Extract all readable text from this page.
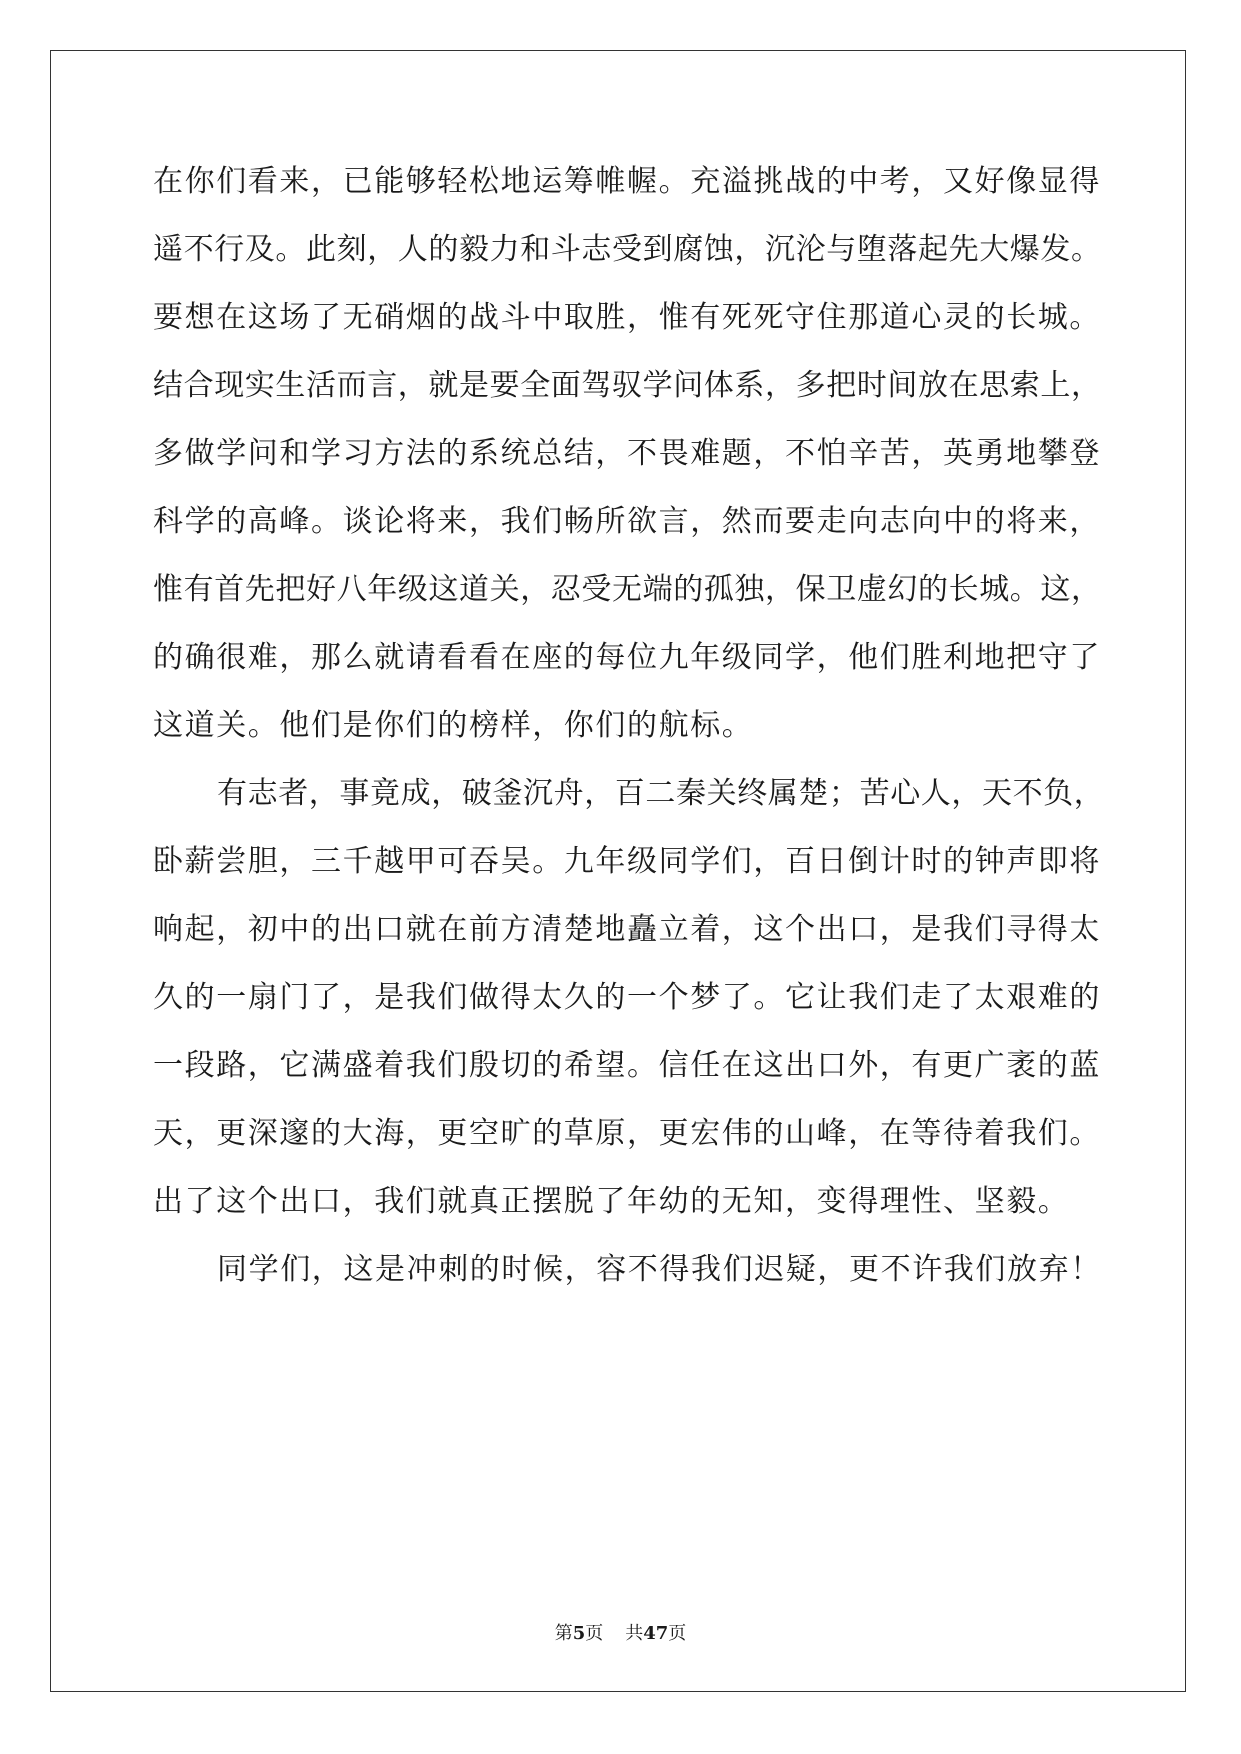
在你们看来，已能够轻松地运筹帷幄。充溢挑战的中考，又好像显得
遥不行及。此刻，人的毅力和斗志受到腐蚀，沉沦与堕落起先大爆发。
要想在这场了无硝烟的战斗中取胜，惟有死死守住那道心灵的长城。
结合现实生活而言，就是要全面驾驭学问体系，多把时间放在思索上，
多做学问和学习方法的系统总结，不畏难题，不怕辛苦，英勇地攀登
科学的高峰。谈论将来，我们畅所欲言，然而要走向志向中的将来，
惟有首先把好八年级这道关，忍受无端的孤独，保卫虚幻的长城。这，
的确很难，那么就请看看在座的每位九年级同学，他们胜利地把守了
这道关。他们是你们的榜样，你们的航标。
有志者，事竟成，破釜沉舟，百二秦关终属楚；苦心人，天不负，
卧薪尝胆，三千越甲可吞吴。九年级同学们，百日倒计时的钟声即将
响起，初中的出口就在前方清楚地矗立着，这个出口，是我们寻得太
久的一扇门了，是我们做得太久的一个梦了。它让我们走了太艰难的
一段路，它满盛着我们殷切的希望。信任在这出口外，有更广袤的蓝
天，更深邃的大海，更空旷的草原，更宏伟的山峰，在等待着我们。
出了这个出口，我们就真正摆脱了年幼的无知，变得理性、坚毅。
同学们，这是冲刺的时候，容不得我们迟疑，更不许我们放弃！
第5页 共47页
